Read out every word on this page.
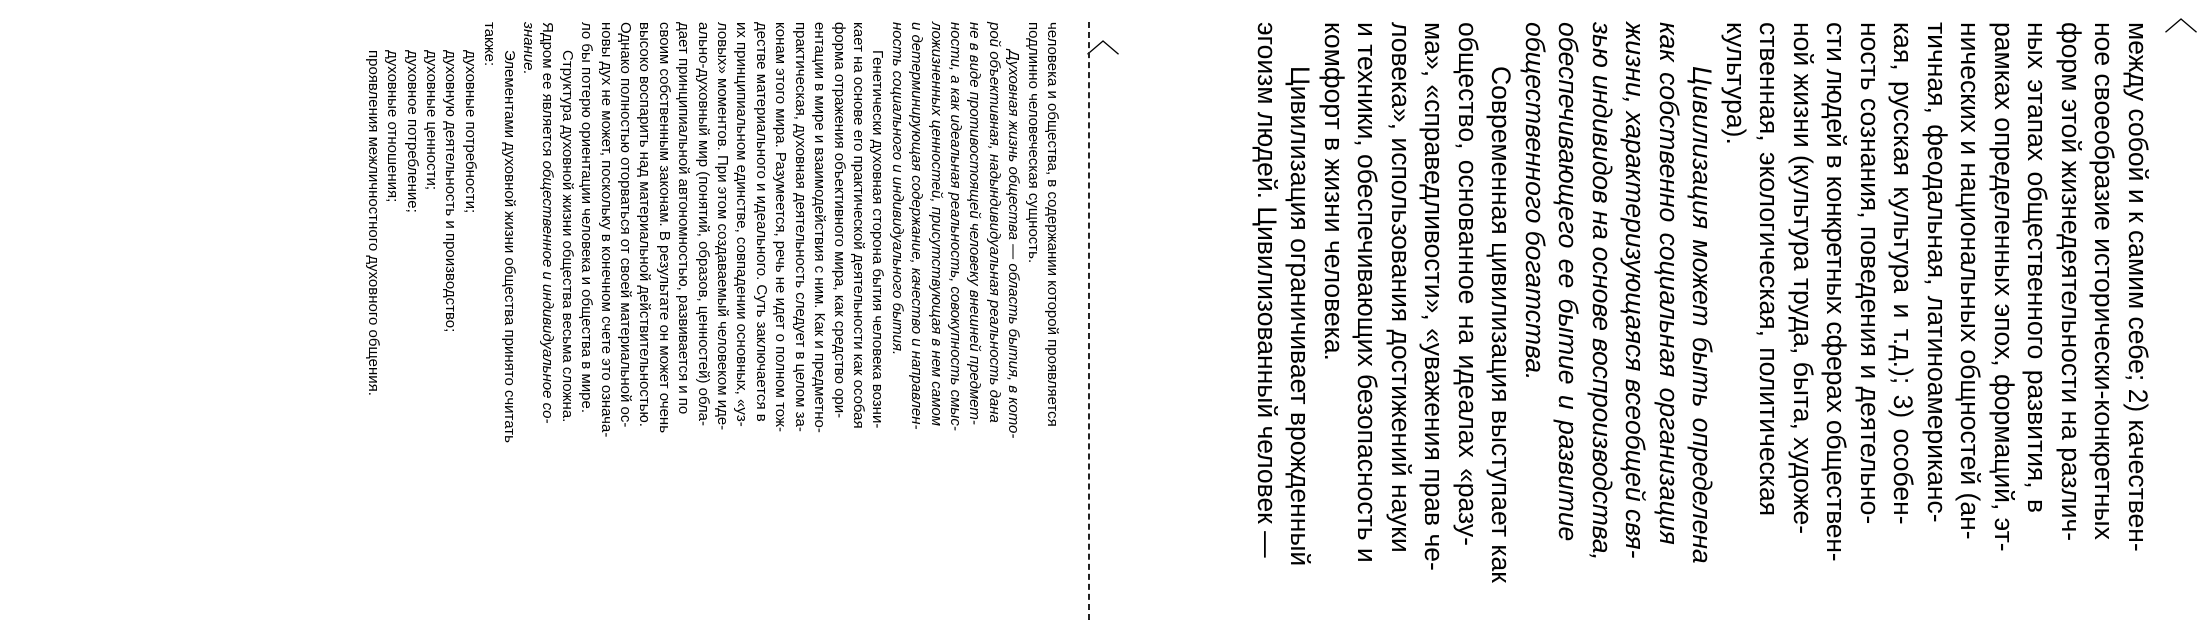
〈
между собой и к самим себе; 2) качествен-
ное своеобразие исторически-конкретных
форм этой жизнедеятельности на различ-
ных этапах общественного развития, в
рамках определенных эпох, формаций, эт-
нических и национальных общностей (ан-
тичная, феодальная, латиноамериканс-
кая, русская культура и т.д.); 3) особен-
ность сознания, поведения и деятельно-
сти людей в конкретных сферах обществен-
ной жизни (культура труда, быта, художе-
ственная, экологическая, политическая
культура).
Цивилизация может быть определена
как собственно социальная организация
жизни, характеризующаяся всеобщей свя-
зью индивидов на основе воспроизводства,
обеспечивающего ее бытие и развитие
общественного богатства.
Современная цивилизация выступает как
общество, основанное на идеалах «разу-
ма», «справедливости», «уважения прав че-
ловека», использования достижений науки
и техники, обеспечивающих безопасность и
комфорт в жизни человека.
Цивилизация ограничивает врожденный
эгоизм людей. Цивилизованный человек —
〈
человека и общества, в содержании которой проявляется
подлинно человеческая сущность.
Духовная жизнь общества — область бытия, в кото-
рой объективная, надындивидуальная реальность дана
не в виде противостоящей человеку внешней предмет-
ности, а как идеальная реальность, совокупность смыс-
ложизненных ценностей, присутствующая в нем самом
и детерминирующая содержание, качество и направлен-
ность социального и индивидуального бытия.
Генетически духовная сторона бытия человека возни-
кает на основе его практической деятельности как особая
форма отражения объективного мира, как средство ори-
ентации в мире и взаимодействия с ним. Как и предметно-
практическая, духовная деятельность следует в целом за-
конам этого мира. Разумеется, речь не идет о полном тож-
дестве материального и идеального. Суть заключается в
их принципиальном единстве, совпадении основных, «уз-
ловых» моментов. При этом создаваемый человеком иде-
ально-духовный мир (понятий, образов, ценностей) обла-
дает принципиальной автономностью, развивается и по
своим собственным законам. В результате он может очень
высоко воспарить над материальной действительностью.
Однако полностью оторваться от своей материальной ос-
новы дух не может, поскольку в конечном счете это означа-
ло бы потерю ориентации человека и общества в мире.
Структура духовной жизни общества весьма сложна.
Ядром ее является общественное и индивидуальное со-
знание.
Элементами духовной жизни общества принято считать
также:
духовные потребности;
духовную деятельность и производство;
духовные ценности;
духовное потребление;
духовные отношения;
проявления межличностного духовного общения.
